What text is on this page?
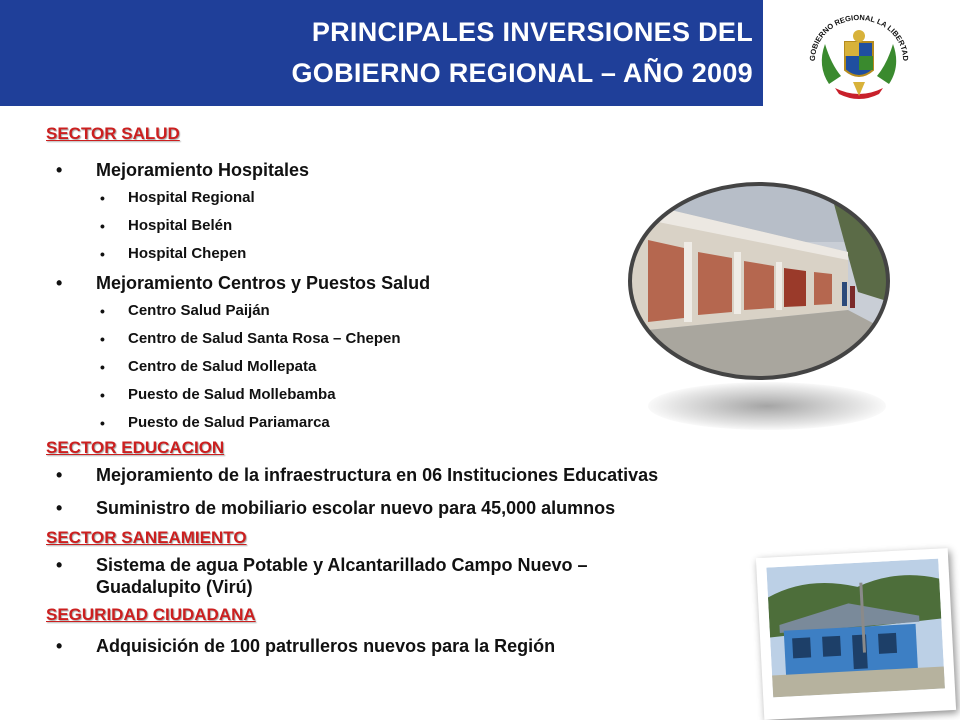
PRINCIPALES INVERSIONES DEL
GOBIERNO REGIONAL – AÑO 2009	GOBIERNO REGIONAL LA LIBERTAD

SECTOR SALUD

• Mejoramiento Hospitales

• Hospital Regional

• Hospital Belén

• Hospital Chepen

• Mejoramiento Centros y Puestos Salud

• Centro Salud Paiján

• Centro de Salud Santa Rosa – Chepen

• Centro de Salud Mollepata

• Puesto de Salud Mollebamba

• Puesto de Salud Pariamarca

SECTOR EDUCACION

• Mejoramiento de la infraestructura en 06 Instituciones Educativas

• Suministro de mobiliario escolar nuevo para 45,000 alumnos

SECTOR SANEAMIENTO

• Sistema de agua Potable y Alcantarillado Campo Nuevo –
Guadalupito (Virú)

SEGURIDAD CIUDADANA

• Adquisición de 100 patrulleros nuevos para la Región
